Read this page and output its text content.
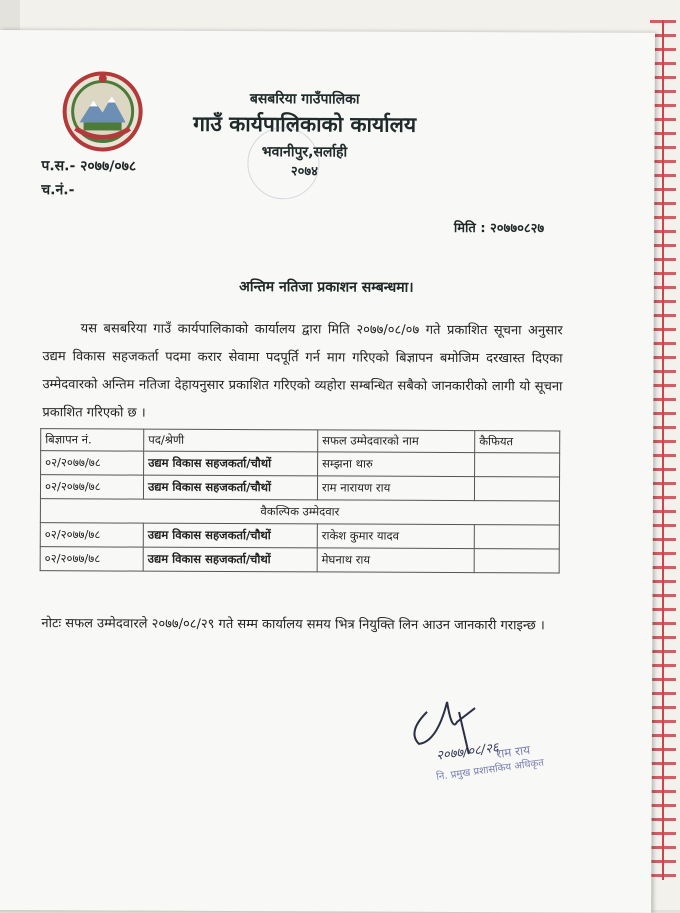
बसबरिया गाउँपालिका
गाउँ कार्यपालिकाको कार्यालय
भवानीपुर,सर्लाही
२०७४
प.स.- २०७७/०७८
च.नं.-
मिति : २०७७०८२७
अन्तिम नतिजा प्रकाशन सम्बन्धमा।
यस बसबरिया गाउँ कार्यपालिकाको कार्यालय द्वारा मिति २०७७/०८/०७ गते प्रकाशित सूचना अनुसार उद्यम विकास सहजकर्ता पदमा करार सेवामा पदपूर्ति गर्न माग गरिएको बिज्ञापन बमोजिम दरखास्त दिएका उम्मेदवारको अन्तिम नतिजा देहायनुसार प्रकाशित गरिएको व्यहोरा सम्बन्धित सबैको जानकारीको लागी यो सूचना प्रकाशित गरिएको छ ।
बिज्ञापन नं.	पद/श्रेणी	सफल उम्मेदवारको नाम	कैफियत
०२/२०७७/७८	उद्यम विकास सहजकर्ता/चौथों	सम्झना थारु	
०२/२०७७/७८	उद्यम विकास सहजकर्ता/चौथों	राम नारायण राय	
वैकल्पिक उम्मेदवार			
०२/२०७७/७८	उद्यम विकास सहजकर्ता/चौथों	राकेश कुमार यादव	
०२/२०७७/७८	उद्यम विकास सहजकर्ता/चौथों	मेघनाथ राय	
नोटः सफल उम्मेदवारले २०७७/०८/२९ गते सम्म कार्यालय समय भित्र नियुक्ति लिन आउन जानकारी गराइन्छ ।
२०७७/०८/२६
राम राय
नि. प्रमुख प्रशासकिय अधिकृत
